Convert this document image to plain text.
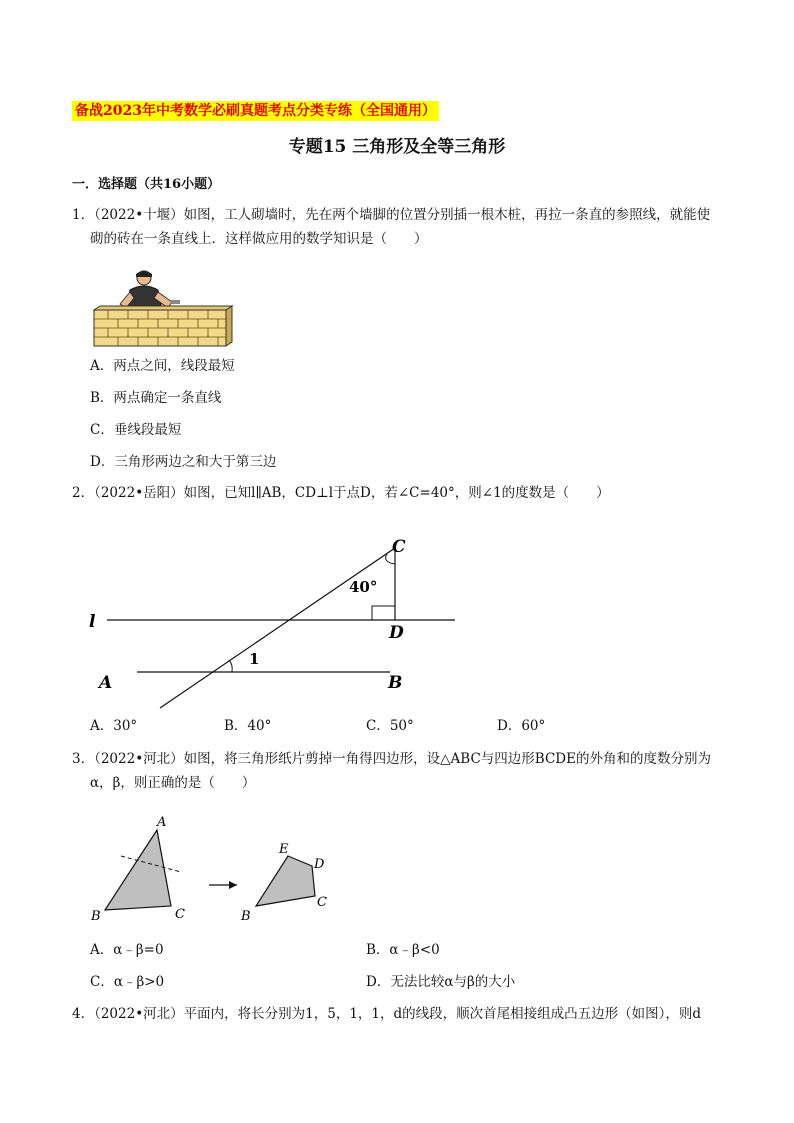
备战2023年中考数学必刷真题考点分类专练（全国通用）
专题15 三角形及全等三角形
一．选择题（共16小题）
1．（2022•十堰）如图，工人砌墙时，先在两个墙脚的位置分别插一根木桩，再拉一条直的参照线，就能使
砌的砖在一条直线上．这样做应用的数学知识是（　　）
A．两点之间，线段最短
B．两点确定一条直线
C．垂线段最短
D．三角形两边之和大于第三边
2．（2022•岳阳）如图，已知l∥AB，CD⊥l于点D，若∠C=40°，则∠1的度数是（　　）
l
C
D
A	B
40°
1
A．30°	B．40°	C．50°	D．60°
3．（2022•河北）如图，将三角形纸片剪掉一角得四边形，设△ABC与四边形BCDE的外角和的度数分别为
α，β，则正确的是（　　）
A
B	C
E
D
B
C
A．α﹣β=0	B．α﹣β<0
C．α﹣β>0	D．无法比较α与β的大小
4．（2022•河北）平面内，将长分别为1，5，1，1，d的线段，顺次首尾相接组成凸五边形（如图），则d
